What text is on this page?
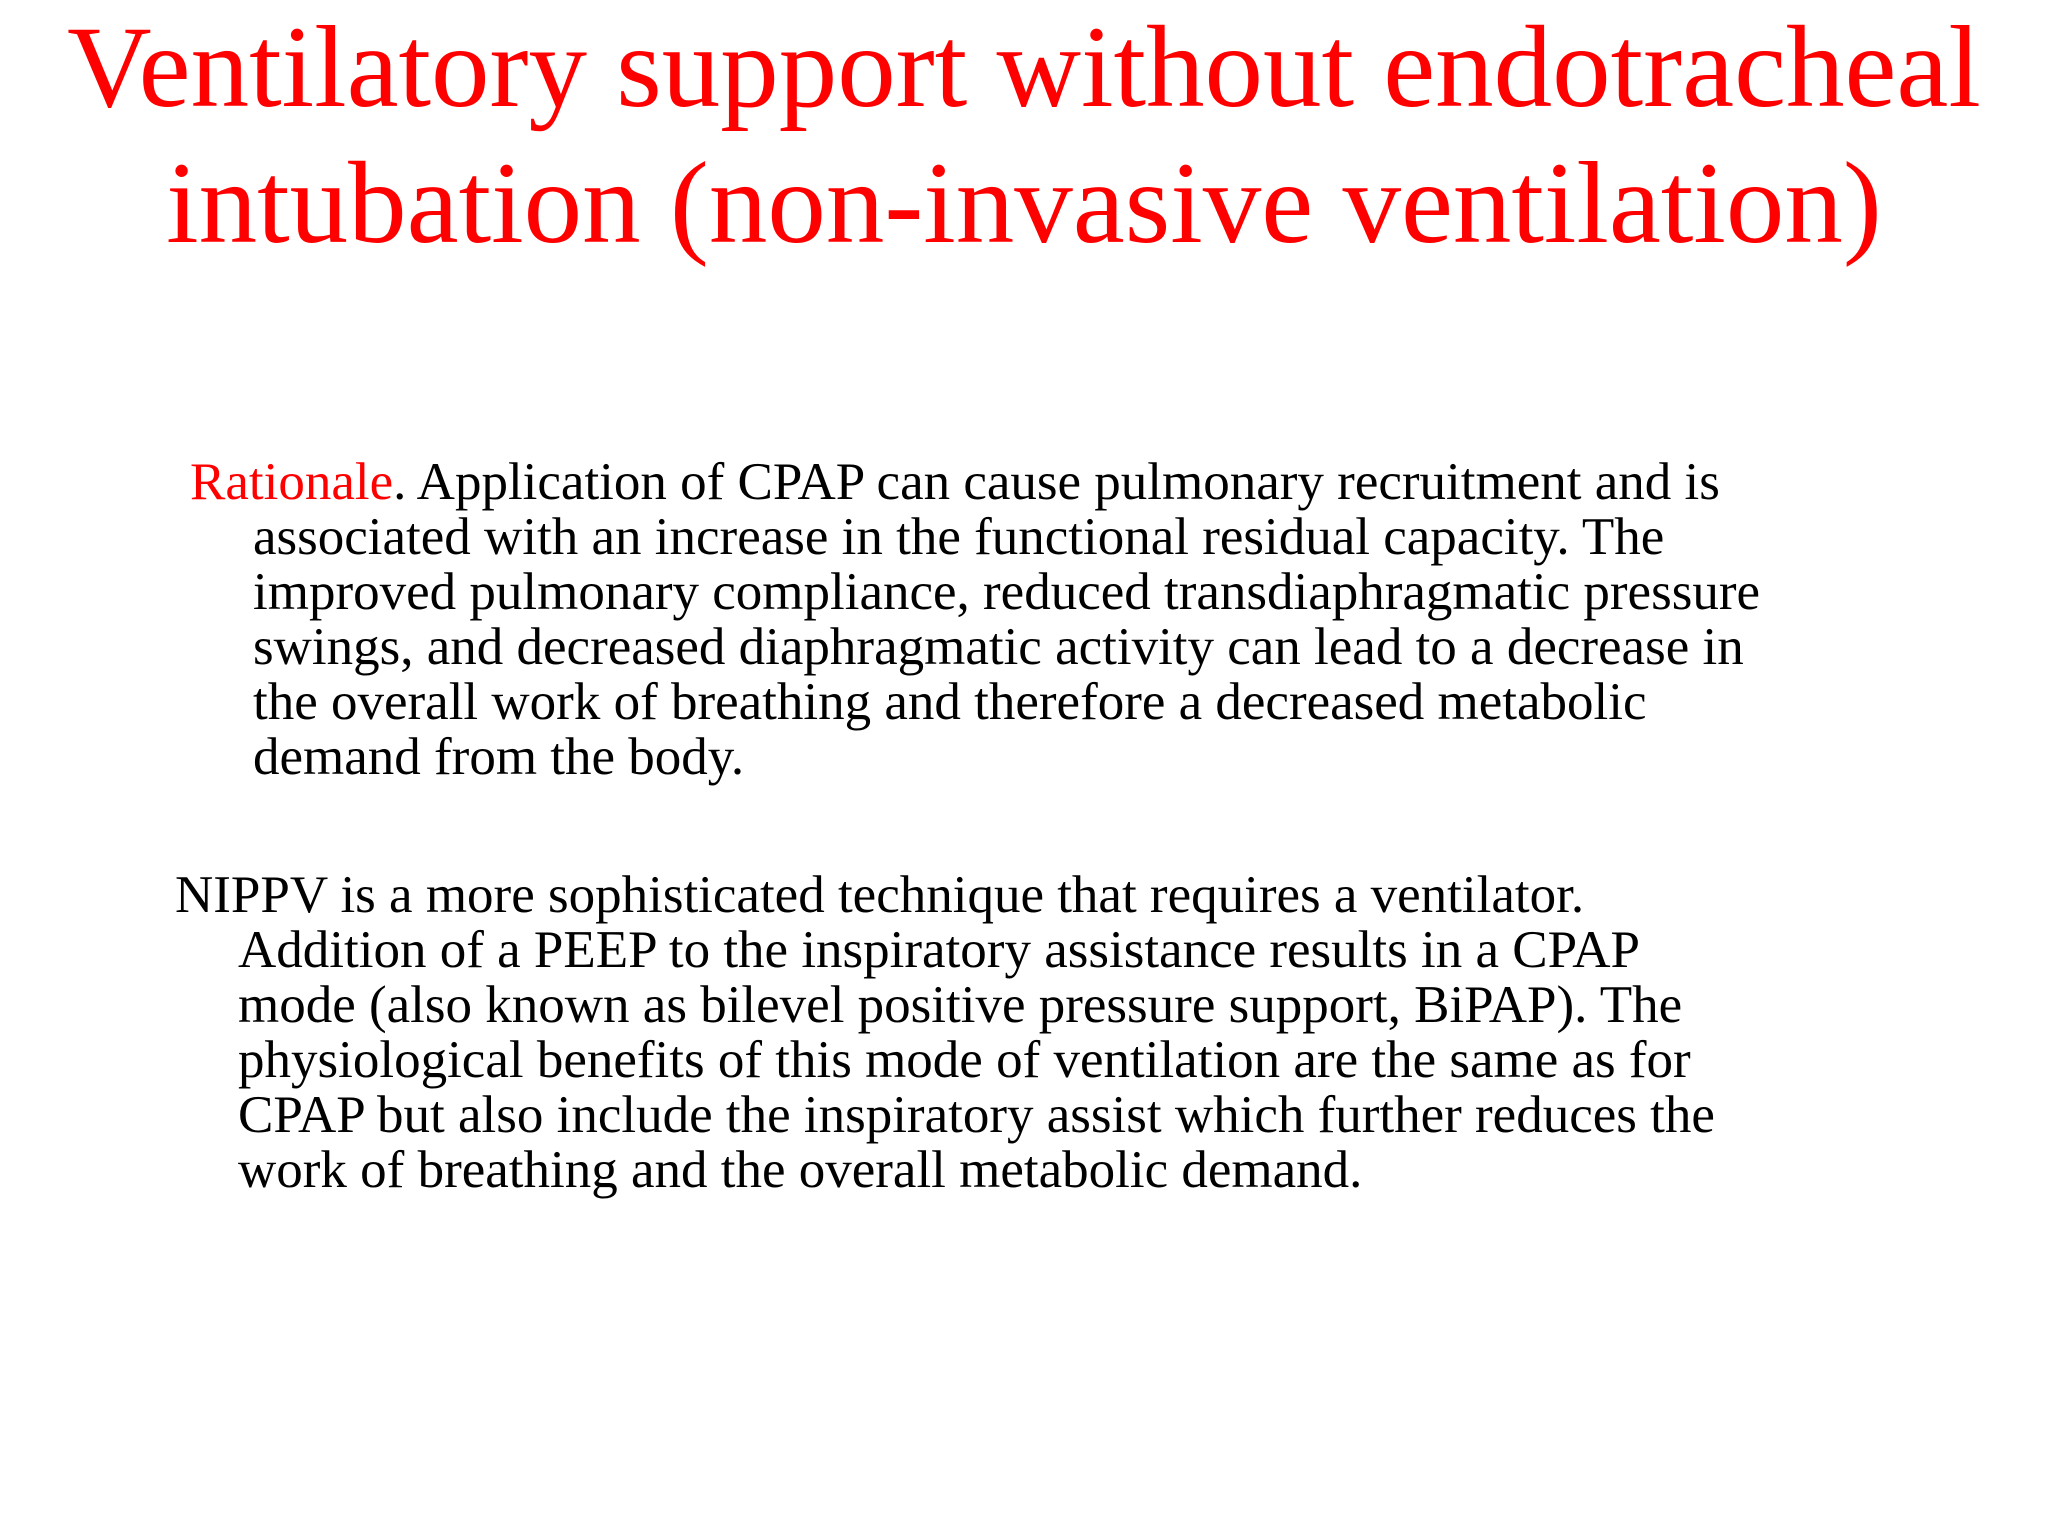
Ventilatory support without endotracheal
intubation (non-invasive ventilation)
Rationale. Application of CPAP can cause pulmonary recruitment and is
associated with an increase in the functional residual capacity. The
improved pulmonary compliance, reduced transdiaphragmatic pressure
swings, and decreased diaphragmatic activity can lead to a decrease in
the overall work of breathing and therefore a decreased metabolic
demand from the body.
NIPPV is a more sophisticated technique that requires a ventilator.
Addition of a PEEP to the inspiratory assistance results in a CPAP
mode (also known as bilevel positive pressure support, BiPAP). The
physiological benefits of this mode of ventilation are the same as for
CPAP but also include the inspiratory assist which further reduces the
work of breathing and the overall metabolic demand.
